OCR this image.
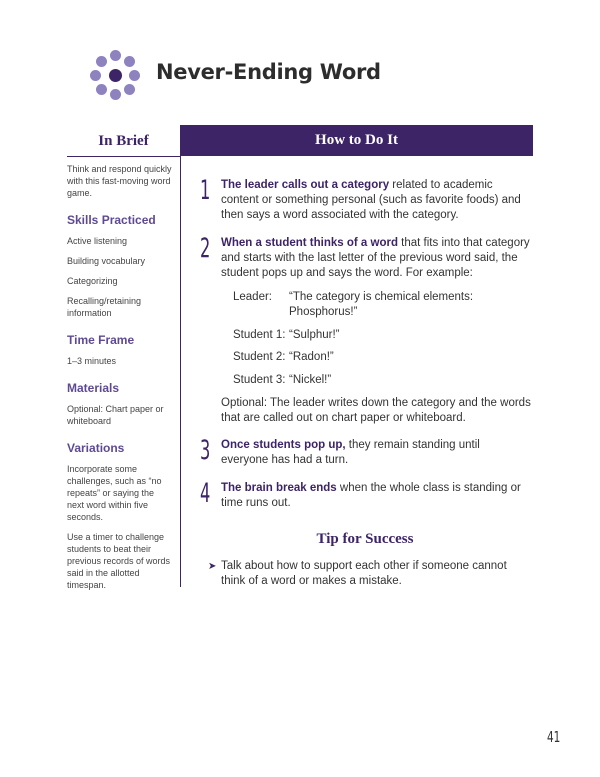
Never-Ending Word
In Brief

Think and respond quickly with this fast-moving word game.

Skills Practiced

Active listening

Building vocabulary

Categorizing

Recalling/retaining information

Time Frame

1–3 minutes

Materials

Optional: Chart paper or whiteboard

Variations

Incorporate some challenges, such as “no repeats” or saying the next word within five seconds.

Use a timer to challenge students to beat their previous records of words said in the allotted timespan.

How to Do It
1 The leader calls out a category related to academic content or something personal (such as favorite foods) and then says a word associated with the category.
2 When a student thinks of a word that fits into that category and starts with the last letter of the previous word said, the student pops up and says the word. For example:
Leader: “The category is chemical elements: Phosphorus!”
Student 1: “Sulphur!”
Student 2: “Radon!”
Student 3: “Nickel!”
Optional: The leader writes down the category and the words that are called out on chart paper or whiteboard.
3 Once students pop up, they remain standing until everyone has had a turn.
4 The brain break ends when the whole class is standing or time runs out.
Tip for Success
➤ Talk about how to support each other if someone cannot think of a word or makes a mistake.
41
